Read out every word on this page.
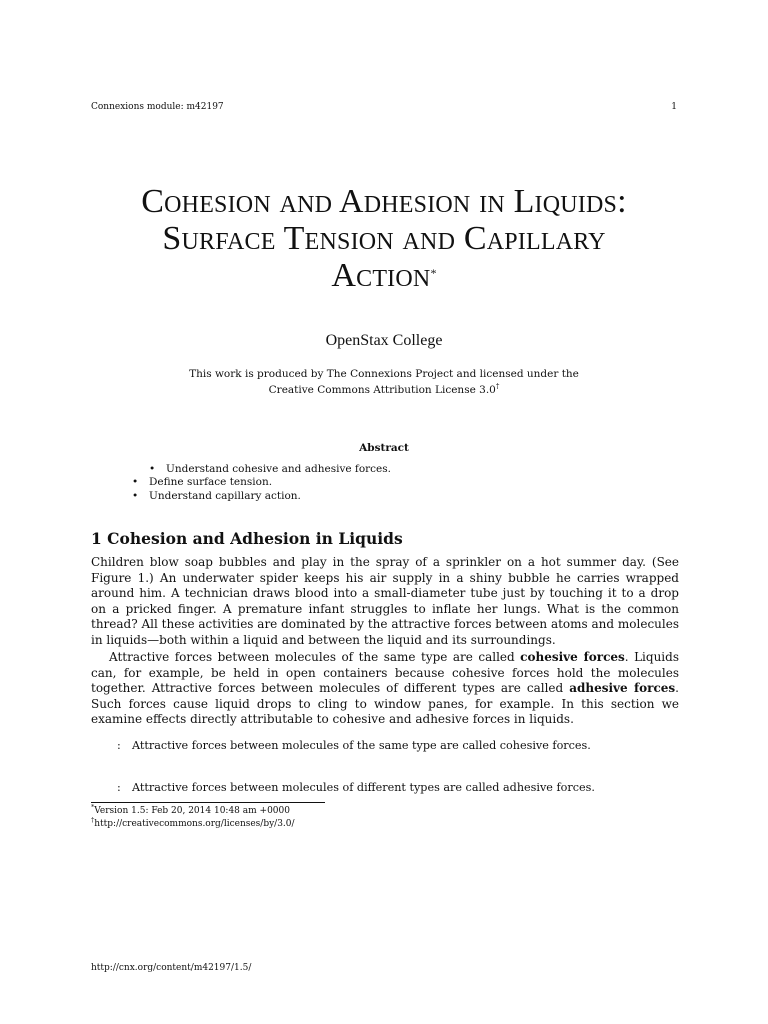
Connexions module: m42197	1
Cohesion and Adhesion in Liquids:
Surface Tension and Capillary
Action*
OpenStax College
This work is produced by The Connexions Project and licensed under the
Creative Commons Attribution License 3.0†
Abstract
• Understand cohesive and adhesive forces.
• Define surface tension.
• Understand capillary action.
1 Cohesion and Adhesion in Liquids

Children blow soap bubbles and play in the spray of a sprinkler on a hot summer day. (See Figure 1.) An underwater spider keeps his air supply in a shiny bubble he carries wrapped around him. A technician draws blood into a small-diameter tube just by touching it to a drop on a pricked finger. A premature infant struggles to inflate her lungs. What is the common thread? All these activities are dominated by the attractive forces between atoms and molecules in liquids—both within a liquid and between the liquid and its surroundings.

Attractive forces between molecules of the same type are called cohesive forces. Liquids can, for example, be held in open containers because cohesive forces hold the molecules together. Attractive forces between molecules of different types are called adhesive forces. Such forces cause liquid drops to cling to window panes, for example. In this section we examine effects directly attributable to cohesive and adhesive forces in liquids.

: Attractive forces between molecules of the same type are called cohesive forces.
: Attractive forces between molecules of different types are called adhesive forces.
*Version 1.5: Feb 20, 2014 10:48 am +0000
†http://creativecommons.org/licenses/by/3.0/
http://cnx.org/content/m42197/1.5/
